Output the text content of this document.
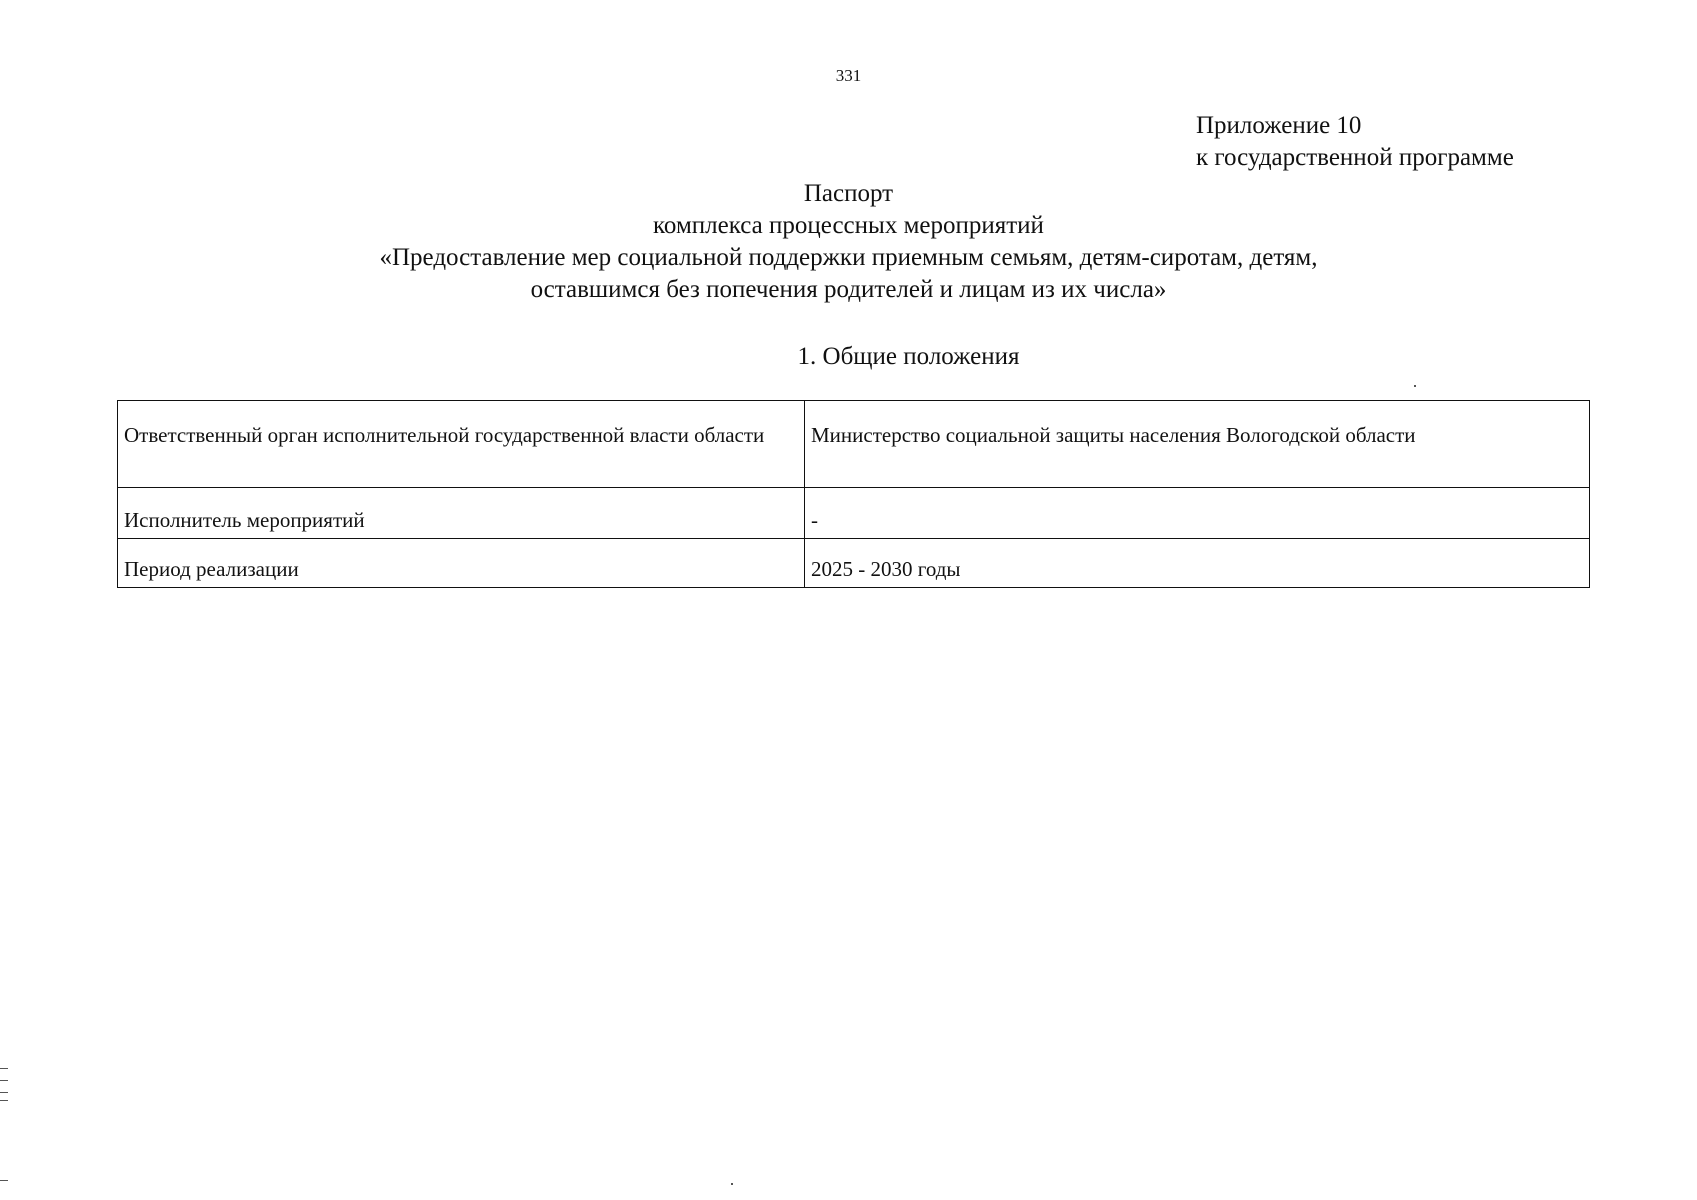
331
Приложение 10
к государственной программе
Паспорт
комплекса процессных мероприятий
«Предоставление мер социальной поддержки приемным семьям, детям-сиротам, детям,
оставшимся без попечения родителей и лицам из их числа»
1. Общие положения
Ответственный орган исполнительной государственной власти области	Министерство социальной защиты населения Вологодской области
Исполнитель мероприятий	-
Период реализации	2025 - 2030 годы
